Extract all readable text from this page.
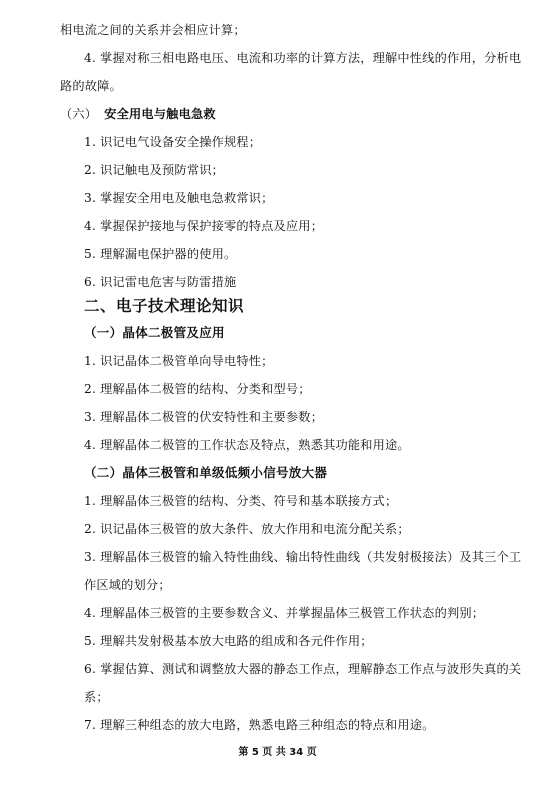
相电流之间的关系并会相应计算；
4. 掌握对称三相电路电压、电流和功率的计算方法，理解中性线的作用，分析电
路的故障。
（六） 安全用电与触电急救
1. 识记电气设备安全操作规程；
2. 识记触电及预防常识；
3. 掌握安全用电及触电急救常识；
4. 掌握保护接地与保护接零的特点及应用；
5. 理解漏电保护器的使用。
6. 识记雷电危害与防雷措施
二、电子技术理论知识
（一）晶体二极管及应用
1. 识记晶体二极管单向导电特性；
2. 理解晶体二极管的结构、分类和型号；
3. 理解晶体二极管的伏安特性和主要参数；
4. 理解晶体二极管的工作状态及特点，熟悉其功能和用途。
（二）晶体三极管和单级低频小信号放大器
1. 理解晶体三极管的结构、分类、符号和基本联接方式；
2. 识记晶体三极管的放大条件、放大作用和电流分配关系；
3. 理解晶体三极管的输入特性曲线、输出特性曲线（共发射极接法）及其三个工
作区域的划分；
4. 理解晶体三极管的主要参数含义、并掌握晶体三极管工作状态的判别；
5. 理解共发射极基本放大电路的组成和各元件作用；
6. 掌握估算、测试和调整放大器的静态工作点，理解静态工作点与波形失真的关
系；
7. 理解三种组态的放大电路，熟悉电路三种组态的特点和用途。
第 5 页 共 34 页
